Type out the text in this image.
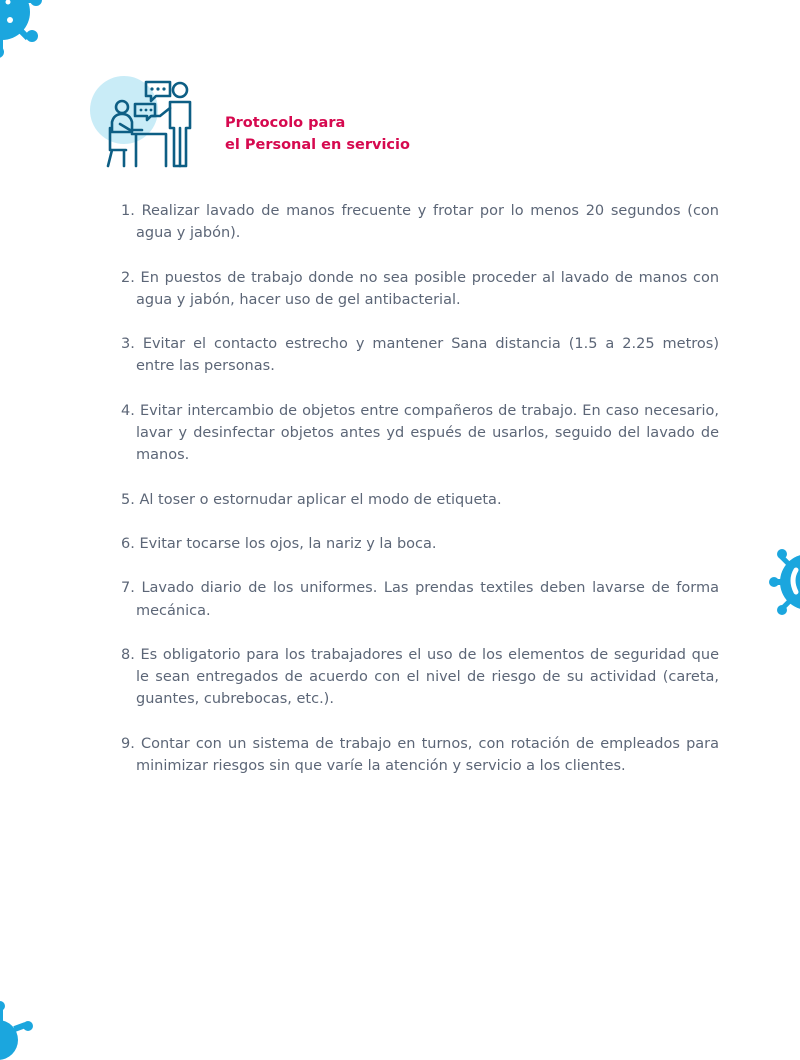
Protocolo para
el Personal en servicio
1. Realizar lavado de manos frecuente y frotar por lo menos 20 segundos (con agua y jabón).
2. En puestos de trabajo donde no sea posible proceder al lavado de manos con agua y jabón, hacer uso de gel antibacterial.
3. Evitar el contacto estrecho y mantener Sana distancia (1.5 a 2.25 metros) entre las personas.
4. Evitar intercambio de objetos entre compañeros de trabajo. En caso necesario, lavar y desinfectar objetos antes yd espués de usarlos, seguido del lavado de manos.
5. Al toser o estornudar aplicar el modo de etiqueta.
6. Evitar tocarse los ojos, la nariz y la boca.
7. Lavado diario de los uniformes. Las prendas textiles deben lavarse de forma mecánica.
8. Es obligatorio para los trabajadores el uso de los elementos de seguridad que le sean entregados de acuerdo con el nivel de riesgo de su actividad (careta, guantes, cubrebocas, etc.).
9. Contar con un sistema de trabajo en turnos, con rotación de empleados para minimizar riesgos sin que varíe la atención y servicio a los clientes.
